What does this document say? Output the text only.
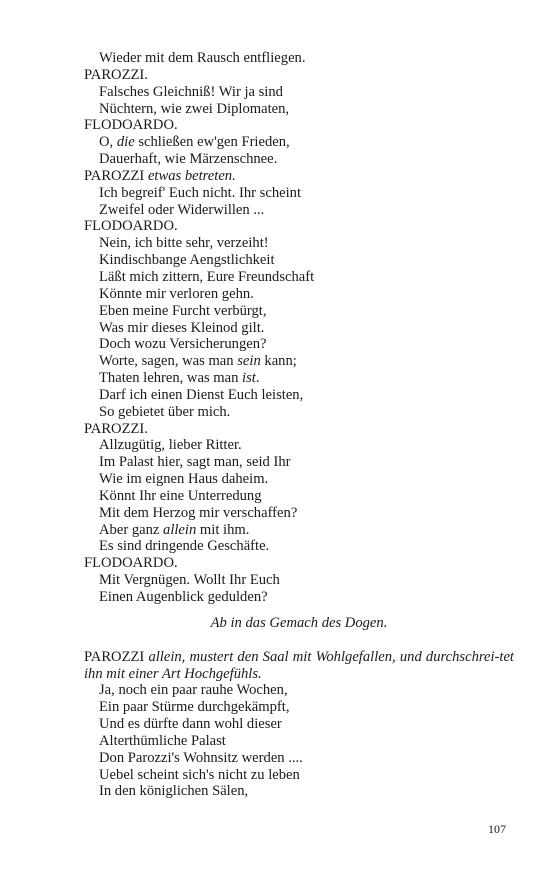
Wieder mit dem Rausch entfliegen.
PAROZZI.
Falsches Gleichniß! Wir ja sind
Nüchtern, wie zwei Diplomaten,
FLODOARDO.
O, die schließen ew'gen Frieden,
Dauerhaft, wie Märzenschnee.
PAROZZI etwas betreten.
Ich begreif' Euch nicht. Ihr scheint
Zweifel oder Widerwillen ...
FLODOARDO.
Nein, ich bitte sehr, verzeiht!
Kindischbange Aengstlichkeit
Läßt mich zittern, Eure Freundschaft
Könnte mir verloren gehn.
Eben meine Furcht verbürgt,
Was mir dieses Kleinod gilt.
Doch wozu Versicherungen?
Worte, sagen, was man sein kann;
Thaten lehren, was man ist.
Darf ich einen Dienst Euch leisten,
So gebietet über mich.
PAROZZI.
Allzugütig, lieber Ritter.
Im Palast hier, sagt man, seid Ihr
Wie im eignen Haus daheim.
Könnt Ihr eine Unterredung
Mit dem Herzog mir verschaffen?
Aber ganz allein mit ihm.
Es sind dringende Geschäfte.
FLODOARDO.
Mit Vergnügen. Wollt Ihr Euch
Einen Augenblick gedulden?
Ab in das Gemach des Dogen.
PAROZZI allein, mustert den Saal mit Wohlgefallen, und durchschrei-tet ihn mit einer Art Hochgefühls.
Ja, noch ein paar rauhe Wochen,
Ein paar Stürme durchgekämpft,
Und es dürfte dann wohl dieser
Alterthümliche Palast
Don Parozzi's Wohnsitz werden ....
Uebel scheint sich's nicht zu leben
In den königlichen Sälen,
107
